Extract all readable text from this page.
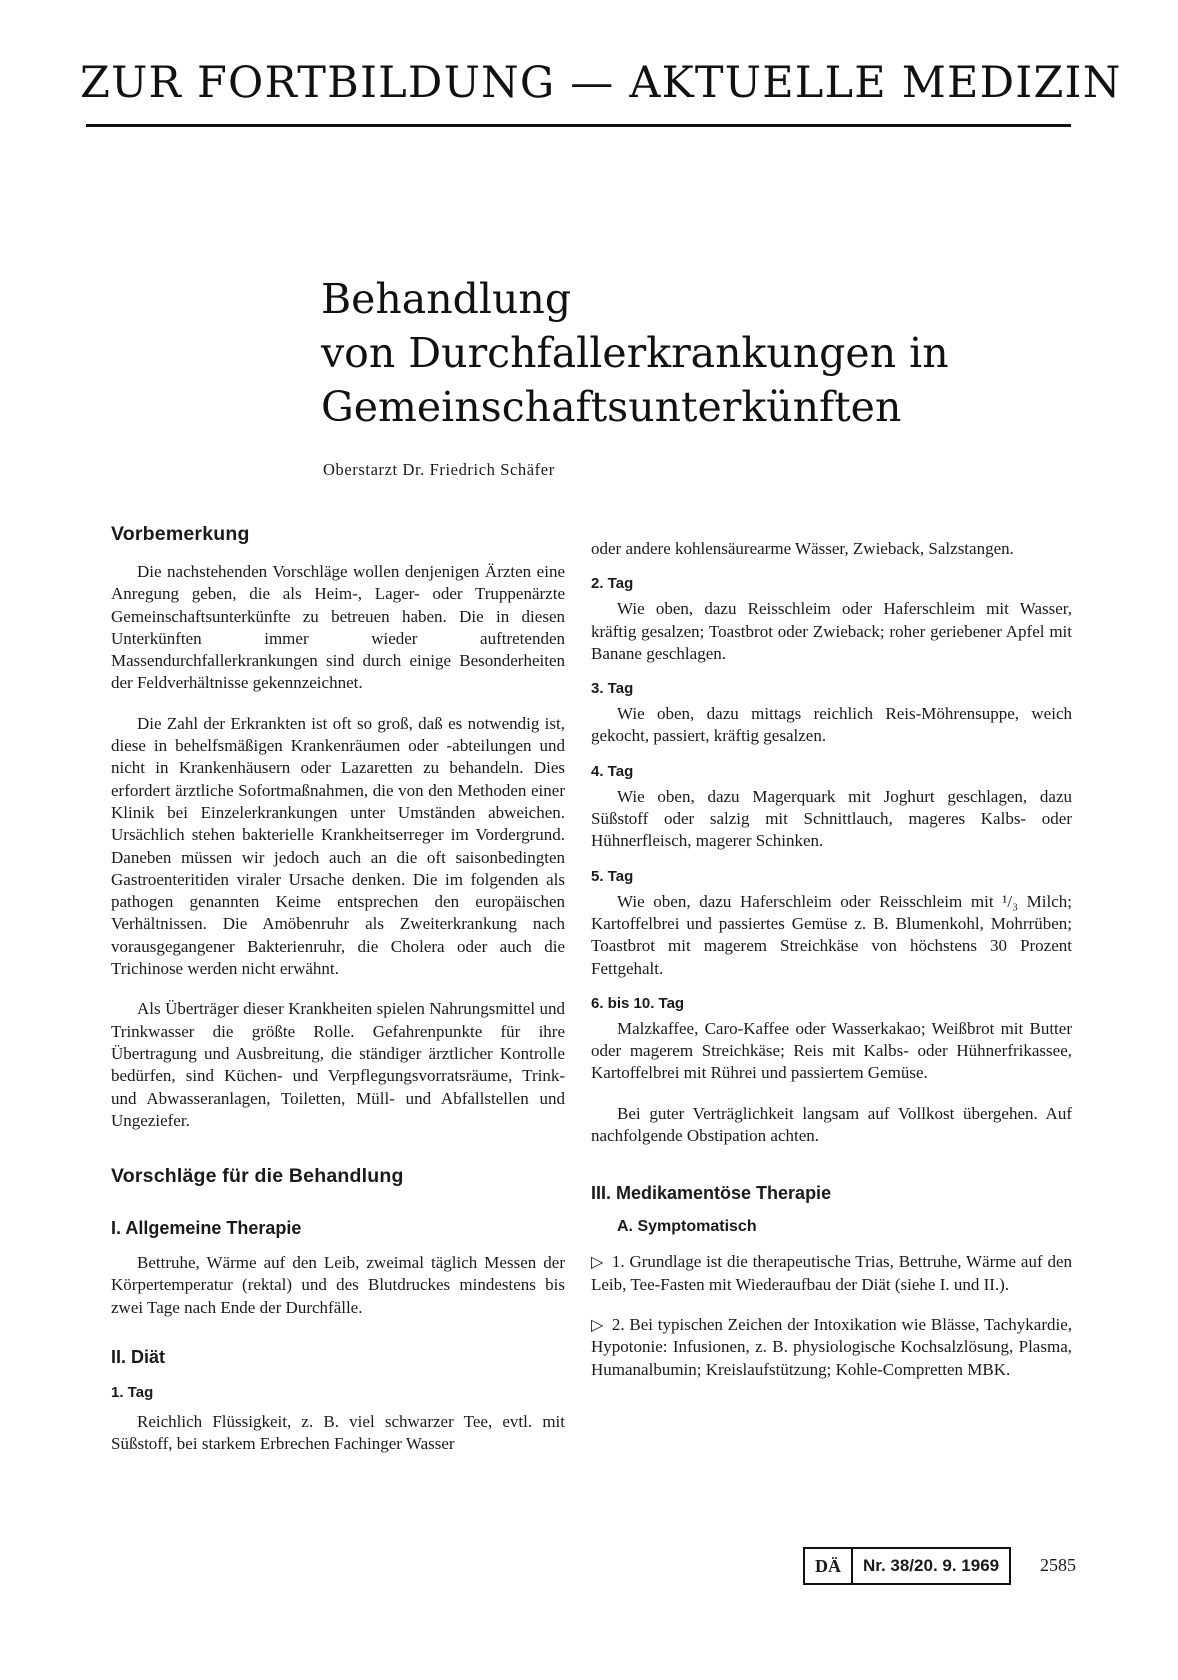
ZUR FORTBILDUNG — AKTUELLE MEDIZIN
Behandlung
von Durchfallerkrankungen in
Gemeinschaftsunterkünften
Oberstarzt Dr. Friedrich Schäfer
Vorbemerkung

Die nachstehenden Vorschläge wollen denjenigen Ärzten eine Anregung geben, die als Heim-, Lager- oder Truppenärzte Gemeinschaftsunterkünfte zu betreuen haben. Die in diesen Unterkünften immer wieder auftretenden Massendurchfallerkrankungen sind durch einige Besonderheiten der Feldverhältnisse gekennzeichnet.

Die Zahl der Erkrankten ist oft so groß, daß es notwendig ist, diese in behelfsmäßigen Krankenräumen oder -abteilungen und nicht in Krankenhäusern oder Lazaretten zu behandeln. Dies erfordert ärztliche Sofortmaßnahmen, die von den Methoden einer Klinik bei Einzelerkrankungen unter Umständen abweichen. Ursächlich stehen bakterielle Krankheitserreger im Vordergrund. Daneben müssen wir jedoch auch an die oft saisonbedingten Gastroenteritiden viraler Ursache denken. Die im folgenden als pathogen genannten Keime entsprechen den europäischen Verhältnissen. Die Amöbenruhr als Zweiterkrankung nach vorausgegangener Bakterienruhr, die Cholera oder auch die Trichinose werden nicht erwähnt.

Als Überträger dieser Krankheiten spielen Nahrungsmittel und Trinkwasser die größte Rolle. Gefahrenpunkte für ihre Übertragung und Ausbreitung, die ständiger ärztlicher Kontrolle bedürfen, sind Küchen- und Verpflegungsvorratsräume, Trink- und Abwasseranlagen, Toiletten, Müll- und Abfallstellen und Ungeziefer.

Vorschläge für die Behandlung
I. Allgemeine Therapie

Bettruhe, Wärme auf den Leib, zweimal täglich Messen der Körpertemperatur (rektal) und des Blutdruckes mindestens bis zwei Tage nach Ende der Durchfälle.

II. Diät
1. Tag

Reichlich Flüssigkeit, z. B. viel schwarzer Tee, evtl. mit Süßstoff, bei starkem Erbrechen Fachinger Wasser

oder andere kohlensäurearme Wässer, Zwieback, Salzstangen.

2. Tag

Wie oben, dazu Reisschleim oder Haferschleim mit Wasser, kräftig gesalzen; Toastbrot oder Zwieback; roher geriebener Apfel mit Banane geschlagen.

3. Tag

Wie oben, dazu mittags reichlich Reis-Möhrensuppe, weich gekocht, passiert, kräftig gesalzen.

4. Tag

Wie oben, dazu Magerquark mit Joghurt geschlagen, dazu Süßstoff oder salzig mit Schnittlauch, mageres Kalbs- oder Hühnerfleisch, magerer Schinken.

5. Tag

Wie oben, dazu Haferschleim oder Reisschleim mit ¹/₃ Milch; Kartoffelbrei und passiertes Gemüse z. B. Blumenkohl, Mohrrüben; Toastbrot mit magerem Streichkäse von höchstens 30 Prozent Fettgehalt.

6. bis 10. Tag

Malzkaffee, Caro-Kaffee oder Wasserkakao; Weißbrot mit Butter oder magerem Streichkäse; Reis mit Kalbs- oder Hühnerfrikassee, Kartoffelbrei mit Rührei und passiertem Gemüse.

Bei guter Verträglichkeit langsam auf Vollkost übergehen. Auf nachfolgende Obstipation achten.

III. Medikamentöse Therapie
A. Symptomatisch

▷ 1. Grundlage ist die therapeutische Trias, Bettruhe, Wärme auf den Leib, Tee-Fasten mit Wiederaufbau der Diät (siehe I. und II.).

▷ 2. Bei typischen Zeichen der Intoxikation wie Blässe, Tachykardie, Hypotonie: Infusionen, z. B. physiologische Kochsalzlösung, Plasma, Humanalbumin; Kreislaufstützung; Kohle-Compretten MBK.

DÄ	Nr. 38/20. 9. 1969	2585
